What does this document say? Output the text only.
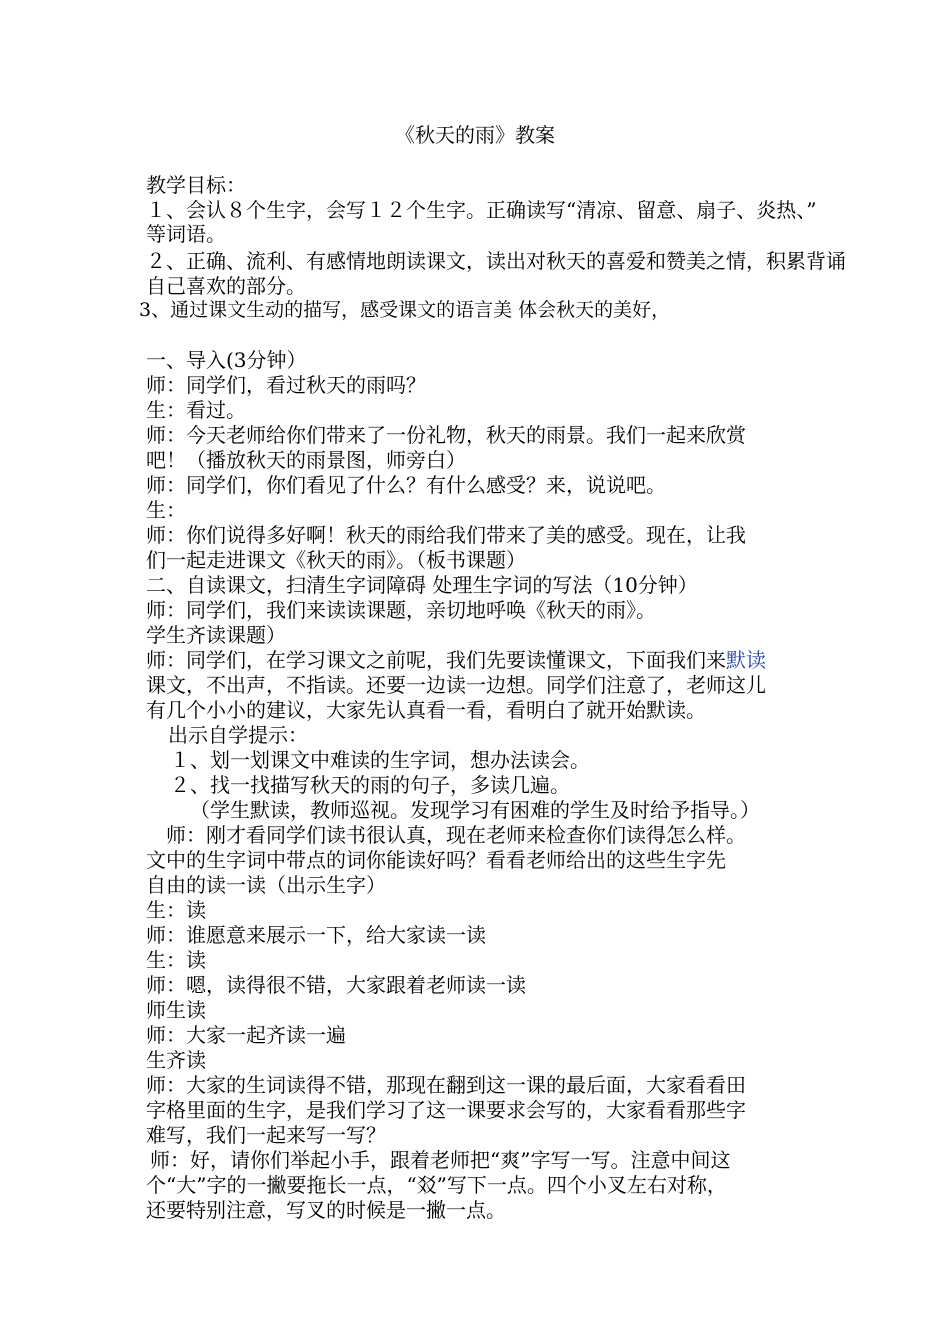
《秋天的雨》教案
教学目标：
１、会认８个生字，会写１２个生字。正确读写“清凉、留意、扇子、炎热、”
等词语。
２、正确、流利、有感情地朗读课文，读出对秋天的喜爱和赞美之情，积累背诵
自己喜欢的部分。
3、通过课文生动的描写，感受课文的语言美 体会秋天的美好，
一、导入(3分钟）
师：同学们，看过秋天的雨吗？
生：看过。
师：今天老师给你们带来了一份礼物，秋天的雨景。我们一起来欣赏
吧！（播放秋天的雨景图，师旁白）
师：同学们，你们看见了什么？有什么感受？来，说说吧。
生：
师：你们说得多好啊！秋天的雨给我们带来了美的感受。现在，让我
们一起走进课文《秋天的雨》。（板书课题）
二、自读课文，扫清生字词障碍 处理生字词的写法（10分钟）
师：同学们，我们来读读课题，亲切地呼唤《秋天的雨》。
学生齐读课题）
师：同学们，在学习课文之前呢，我们先要读懂课文，下面我们来默读
课文，不出声，不指读。还要一边读一边想。同学们注意了，老师这儿
有几个小小的建议，大家先认真看一看，看明白了就开始默读。
出示自学提示：
１、划一划课文中难读的生字词，想办法读会。
２、找一找描写秋天的雨的句子，多读几遍。
（学生默读，教师巡视。发现学习有困难的学生及时给予指导。）
师：刚才看同学们读书很认真，现在老师来检查你们读得怎么样。
文中的生字词中带点的词你能读好吗？看看老师给出的这些生字先
自由的读一读（出示生字）
生：读
师：谁愿意来展示一下，给大家读一读
生：读
师：嗯，读得很不错，大家跟着老师读一读
师生读
师：大家一起齐读一遍
生齐读
师：大家的生词读得不错，那现在翻到这一课的最后面，大家看看田
字格里面的生字，是我们学习了这一课要求会写的，大家看看那些字
难写，我们一起来写一写？
师：好，请你们举起小手，跟着老师把“爽”字写一写。注意中间这
个“大”字的一撇要拖长一点，“㸚”写下一点。四个小叉左右对称，
还要特别注意，写叉的时候是一撇一点。
